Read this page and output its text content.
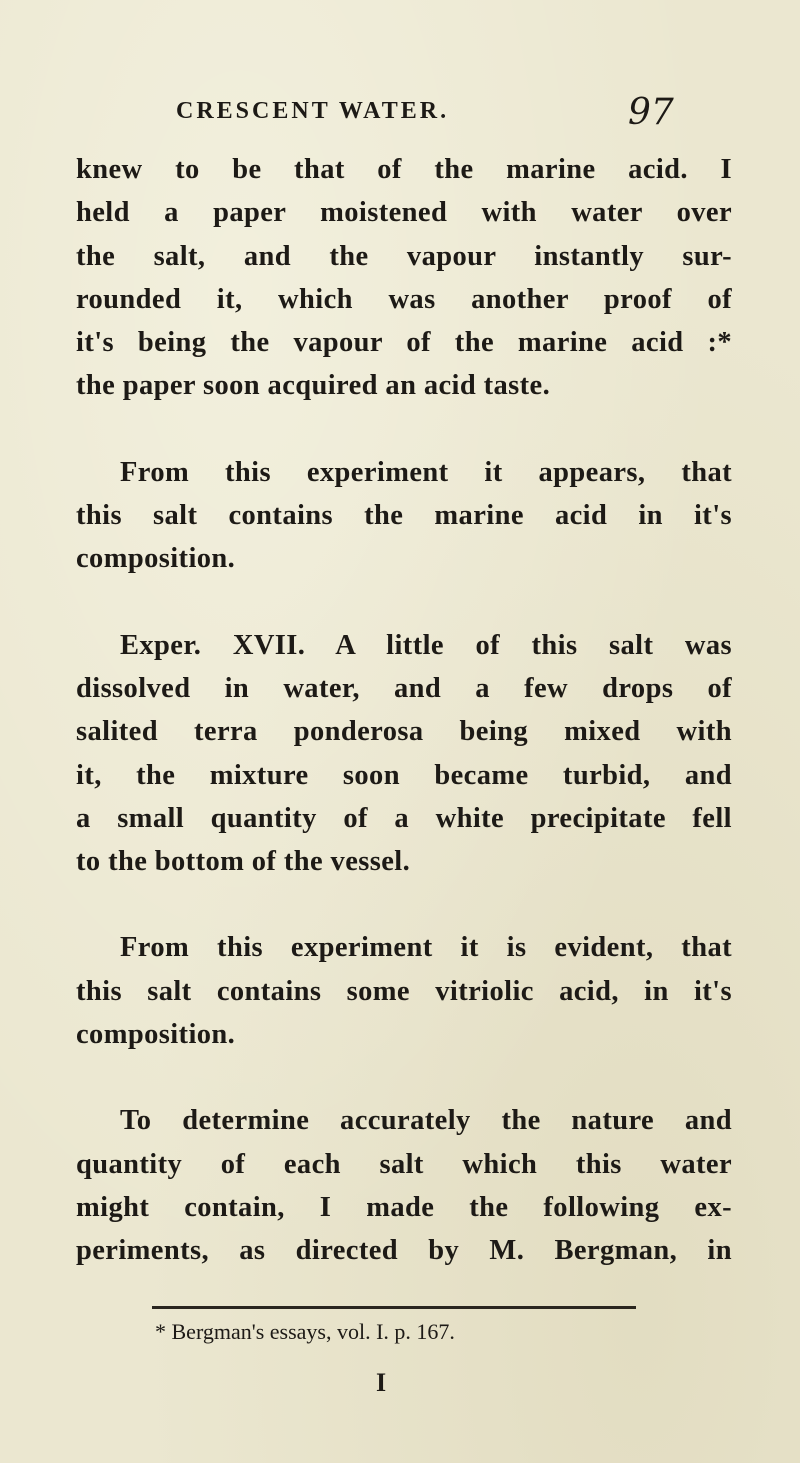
CRESCENT WATER.	97

knew to be that of the marine acid. I
held a paper moistened with water over
the salt, and the vapour instantly sur-
rounded it, which was another proof of
it's being the vapour of the marine acid :*
the paper soon acquired an acid taste.

From this experiment it appears, that
this salt contains the marine acid in it's
composition.

Exper. XVII. A little of this salt was
dissolved in water, and a few drops of
salited terra ponderosa being mixed with
it, the mixture soon became turbid, and
a small quantity of a white precipitate fell
to the bottom of the vessel.

From this experiment it is evident, that
this salt contains some vitriolic acid, in it's
composition.

To determine accurately the nature and
quantity of each salt which this water
might contain, I made the following ex-
periments, as directed by M. Bergman, in

* Bergman's essays, vol. I. p. 167.
I
